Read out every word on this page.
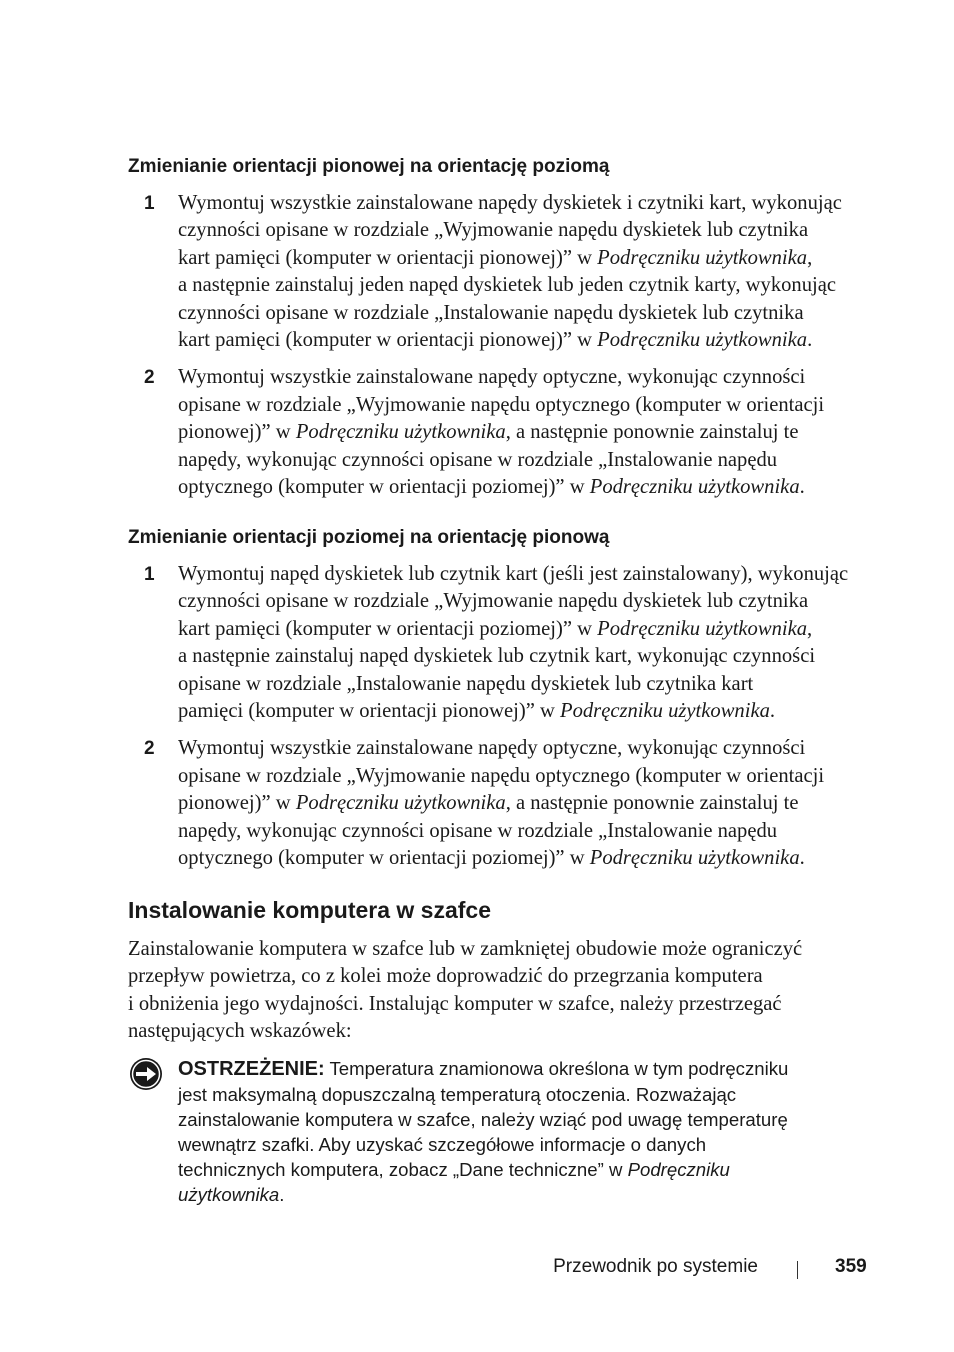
Zmienianie orientacji pionowej na orientację poziomą
1	Wymontuj wszystkie zainstalowane napędy dyskietek i czytniki kart, wykonując
czynności opisane w rozdziale „Wyjmowanie napędu dyskietek lub czytnika
kart pamięci (komputer w orientacji pionowej)” w Podręczniku użytkownika,
a następnie zainstaluj jeden napęd dyskietek lub jeden czytnik karty, wykonując
czynności opisane w rozdziale „Instalowanie napędu dyskietek lub czytnika
kart pamięci (komputer w orientacji pionowej)” w Podręczniku użytkownika.
2	Wymontuj wszystkie zainstalowane napędy optyczne, wykonując czynności
opisane w rozdziale „Wyjmowanie napędu optycznego (komputer w orientacji
pionowej)” w Podręczniku użytkownika, a następnie ponownie zainstaluj te
napędy, wykonując czynności opisane w rozdziale „Instalowanie napędu
optycznego (komputer w orientacji poziomej)” w Podręczniku użytkownika.
Zmienianie orientacji poziomej na orientację pionową
1	Wymontuj napęd dyskietek lub czytnik kart (jeśli jest zainstalowany), wykonując
czynności opisane w rozdziale „Wyjmowanie napędu dyskietek lub czytnika
kart pamięci (komputer w orientacji poziomej)” w Podręczniku użytkownika,
a następnie zainstaluj napęd dyskietek lub czytnik kart, wykonując czynności
opisane w rozdziale „Instalowanie napędu dyskietek lub czytnika kart
pamięci (komputer w orientacji pionowej)” w Podręczniku użytkownika.
2	Wymontuj wszystkie zainstalowane napędy optyczne, wykonując czynności
opisane w rozdziale „Wyjmowanie napędu optycznego (komputer w orientacji
pionowej)” w Podręczniku użytkownika, a następnie ponownie zainstaluj te
napędy, wykonując czynności opisane w rozdziale „Instalowanie napędu
optycznego (komputer w orientacji poziomej)” w Podręczniku użytkownika.
Instalowanie komputera w szafce

Zainstalowanie komputera w szafce lub w zamkniętej obudowie może ograniczyć
przepływ powietrza, co z kolei może doprowadzić do przegrzania komputera
i obniżenia jego wydajności. Instalując komputer w szafce, należy przestrzegać
następujących wskazówek:

OSTRZEŻENIE: Temperatura znamionowa określona w tym podręczniku
jest maksymalną dopuszczalną temperaturą otoczenia. Rozważając
zainstalowanie komputera w szafce, należy wziąć pod uwagę temperaturę
wewnątrz szafki. Aby uzyskać szczegółowe informacje o danych
technicznych komputera, zobacz „Dane techniczne” w Podręczniku
użytkownika.
Przewodnik po systemie	359
